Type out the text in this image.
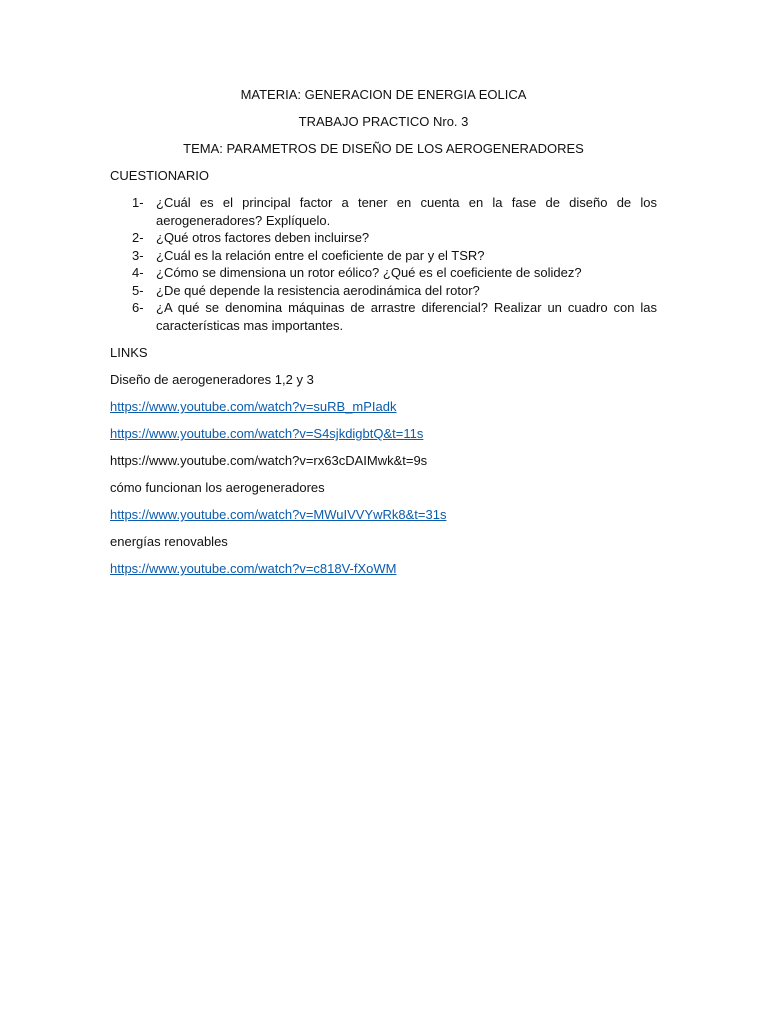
MATERIA: GENERACION DE ENERGIA EOLICA

TRABAJO PRACTICO Nro. 3

TEMA: PARAMETROS DE DISEÑO DE LOS AEROGENERADORES

CUESTIONARIO

1- ¿Cuál es el principal factor a tener en cuenta en la fase de diseño de los aerogeneradores? Explíquelo.
2- ¿Qué otros factores deben incluirse?
3- ¿Cuál es la relación entre el coeficiente de par y el TSR?
4- ¿Cómo se dimensiona un rotor eólico? ¿Qué es el coeficiente de solidez?
5- ¿De qué depende la resistencia aerodinámica del rotor?
6- ¿A qué se denomina máquinas de arrastre diferencial? Realizar un cuadro con las características mas importantes.

LINKS

Diseño de aerogeneradores 1,2 y 3

https://www.youtube.com/watch?v=suRB_mPIadk

https://www.youtube.com/watch?v=S4sjkdigbtQ&t=11s

https://www.youtube.com/watch?v=rx63cDAIMwk&t=9s

cómo funcionan los aerogeneradores

https://www.youtube.com/watch?v=MWuIVVYwRk8&t=31s

energías renovables

https://www.youtube.com/watch?v=c818V-fXoWM
